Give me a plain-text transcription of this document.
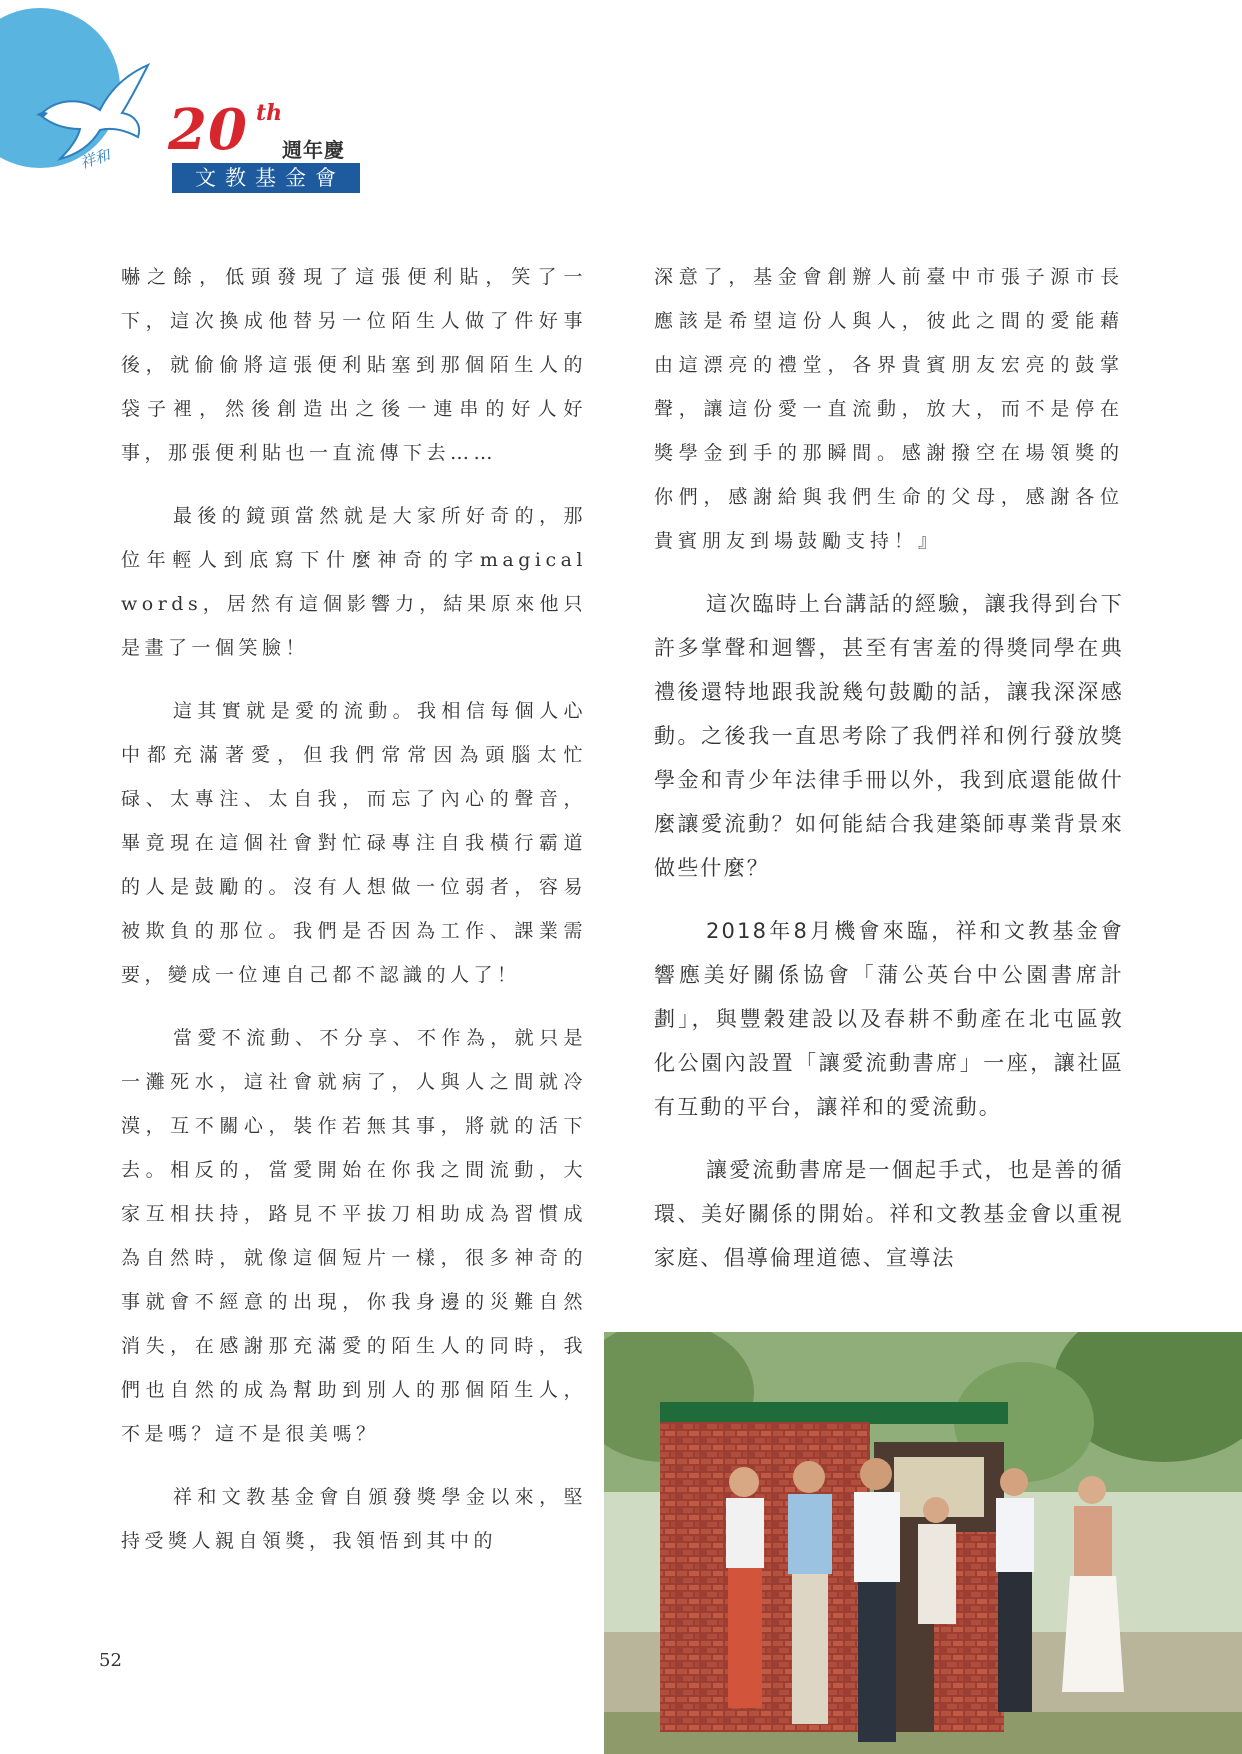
祥和 20 th
週年慶
文教基金會

嚇之餘，低頭發現了這張便利貼，笑了一下，這次換成他替另一位陌生人做了件好事後，就偷偷將這張便利貼塞到那個陌生人的袋子裡，然後創造出之後一連串的好人好事，那張便利貼也一直流傳下去……

最後的鏡頭當然就是大家所好奇的，那位年輕人到底寫下什麼神奇的字magical words，居然有這個影響力，結果原來他只是畫了一個笑臉！

這其實就是愛的流動。我相信每個人心中都充滿著愛，但我們常常因為頭腦太忙碌、太專注、太自我，而忘了內心的聲音，畢竟現在這個社會對忙碌專注自我橫行霸道的人是鼓勵的。沒有人想做一位弱者，容易被欺負的那位。我們是否因為工作、課業需要，變成一位連自己都不認識的人了！

當愛不流動、不分享、不作為，就只是一灘死水，這社會就病了，人與人之間就冷漠，互不關心，裝作若無其事，將就的活下去。相反的，當愛開始在你我之間流動，大家互相扶持，路見不平拔刀相助成為習慣成為自然時，就像這個短片一樣，很多神奇的事就會不經意的出現，你我身邊的災難自然消失，在感謝那充滿愛的陌生人的同時，我們也自然的成為幫助到別人的那個陌生人，不是嗎？這不是很美嗎？

祥和文教基金會自頒發獎學金以來，堅持受獎人親自領獎，我領悟到其中的

深意了，基金會創辦人前臺中市張子源市長應該是希望這份人與人，彼此之間的愛能藉由這漂亮的禮堂，各界貴賓朋友宏亮的鼓掌聲，讓這份愛一直流動，放大，而不是停在獎學金到手的那瞬間。感謝撥空在場領獎的你們，感謝給與我們生命的父母，感謝各位貴賓朋友到場鼓勵支持！』

這次臨時上台講話的經驗，讓我得到台下許多掌聲和迴響，甚至有害羞的得獎同學在典禮後還特地跟我說幾句鼓勵的話，讓我深深感動。之後我一直思考除了我們祥和例行發放獎學金和青少年法律手冊以外，我到底還能做什麼讓愛流動？如何能結合我建築師專業背景來做些什麼？

2018年8月機會來臨，祥和文教基金會響應美好關係協會「蒲公英台中公園書席計劃」，與豐穀建設以及春耕不動產在北屯區敦化公園內設置「讓愛流動書席」一座，讓社區有互動的平台，讓祥和的愛流動。

讓愛流動書席是一個起手式，也是善的循環、美好關係的開始。祥和文教基金會以重視家庭、倡導倫理道德、宣導法

52
